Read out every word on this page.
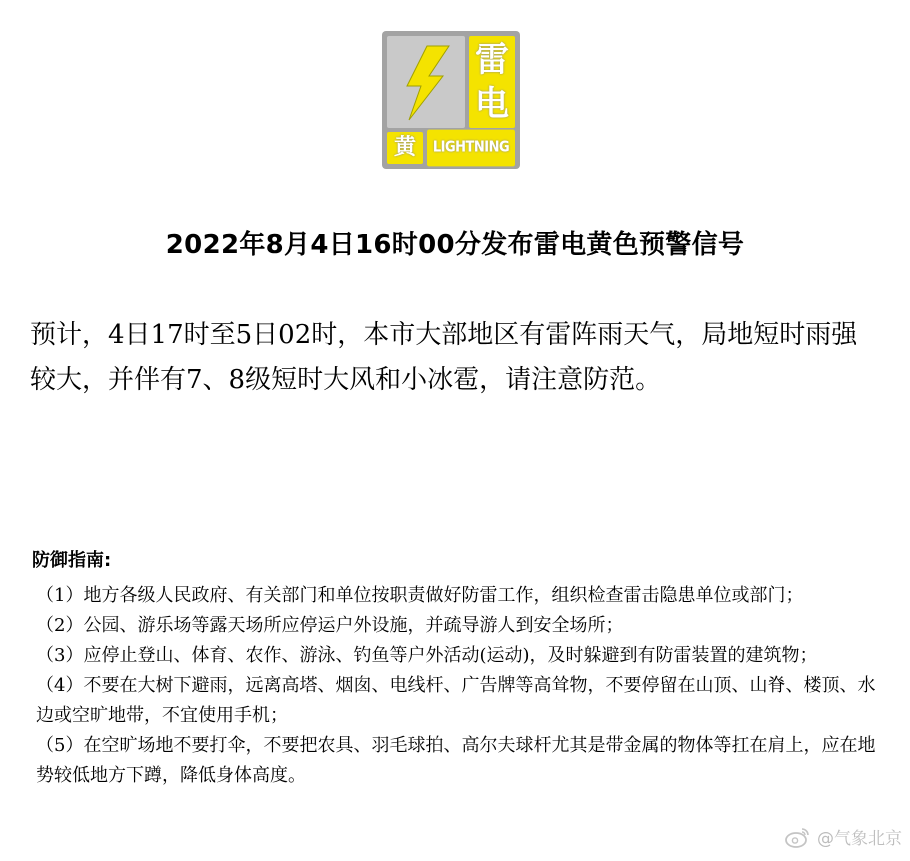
雷
电
黄	LIGHTNING
2022年8月4日16时00分发布雷电黄色预警信号
预计，4日17时至5日02时，本市大部地区有雷阵雨天气，局地短时雨强较大，并伴有7、8级短时大风和小冰雹，请注意防范。
防御指南:
（1）地方各级人民政府、有关部门和单位按职责做好防雷工作，组织检查雷击隐患单位或部门；
（2）公园、游乐场等露天场所应停运户外设施，并疏导游人到安全场所；
（3）应停止登山、体育、农作、游泳、钓鱼等户外活动(运动)，及时躲避到有防雷装置的建筑物；
（4）不要在大树下避雨，远离高塔、烟囱、电线杆、广告牌等高耸物，不要停留在山顶、山脊、楼顶、水边或空旷地带，不宜使用手机；
（5）在空旷场地不要打伞，不要把农具、羽毛球拍、高尔夫球杆尤其是带金属的物体等扛在肩上，应在地势较低地方下蹲，降低身体高度。
@气象北京
